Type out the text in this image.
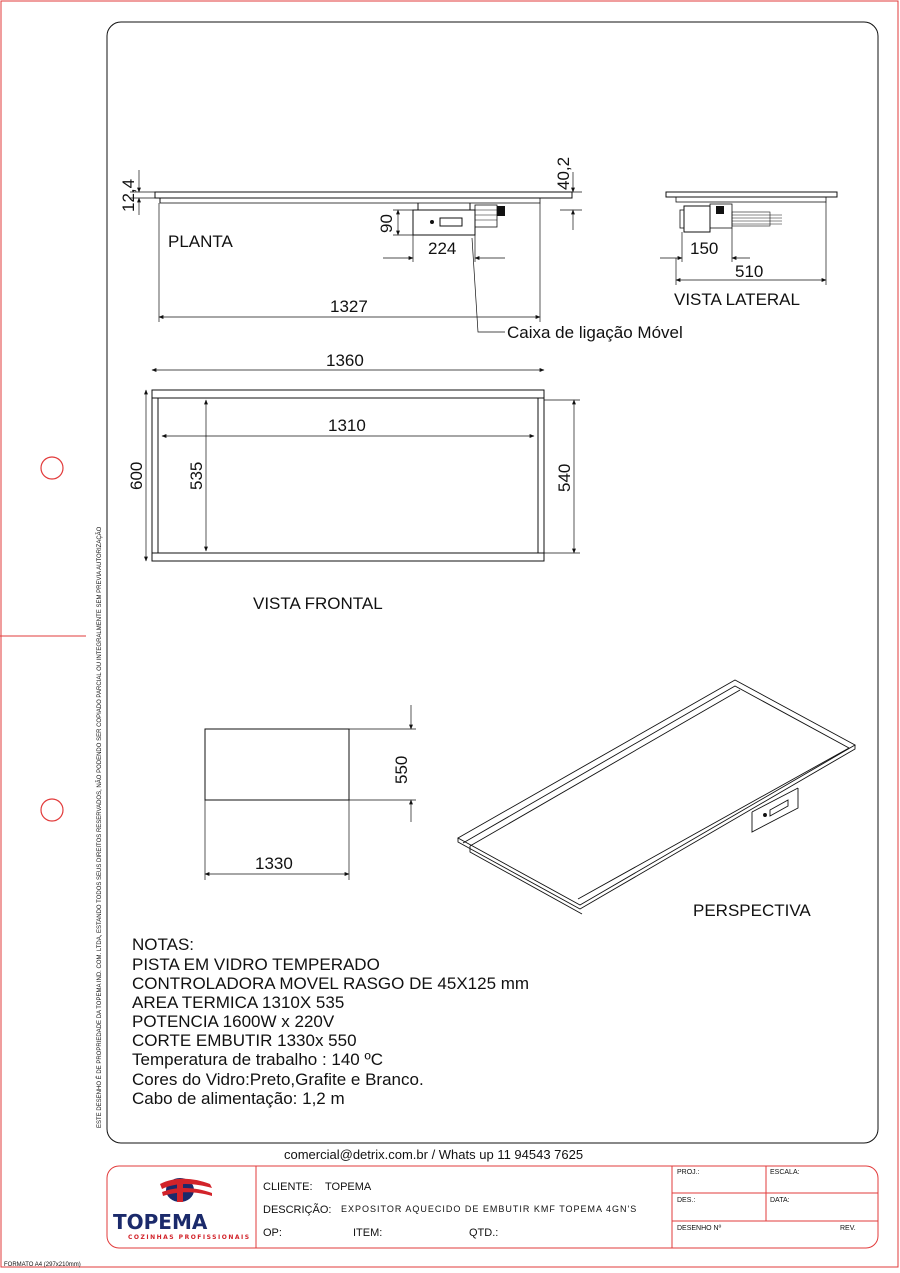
ESTE DESENHO É DE PROPRIEDADE DA TOPEMA IND. COM. LTDA, ESTANDO TODOS SEUS DIREITOS RESERVADOS, NÃO PODENDO SER COPIADO PARCIAL OU INTEGRALMENTE SEM PREVIA AUTORIZAÇÃO
12,4
40,2
90
224
1327
Caixa de ligação Móvel
PLANTA	150
510
VISTA LATERAL
1360
1310
600 535	540
VISTA FRONTAL
550
1330
PERSPECTIVA
NOTAS:
PISTA EM VIDRO TEMPERADO
CONTROLADORA MOVEL RASGO DE 45X125 mm
AREA TERMICA 1310X 535
POTENCIA 1600W x 220V
CORTE EMBUTIR 1330x 550
Temperatura de trabalho : 140 ºC
Cores do Vidro:Preto,Grafite e Branco.
Cabo de alimentação: 1,2 m
comercial@detrix.com.br / Whats up 11 94543 7625
TOPEMA
COZINHAS PROFISSIONAIS
CLIENTE: TOPEMA
DESCRIÇÃO: EXPOSITOR AQUECIDO DE EMBUTIR KMF TOPEMA 4GN'S
OP:	ITEM:	QTD.:
PROJ.:	ESCALA:
DES.:	DATA:
DESENHO Nº	REV.
FORMATO A4 (297x210mm)
